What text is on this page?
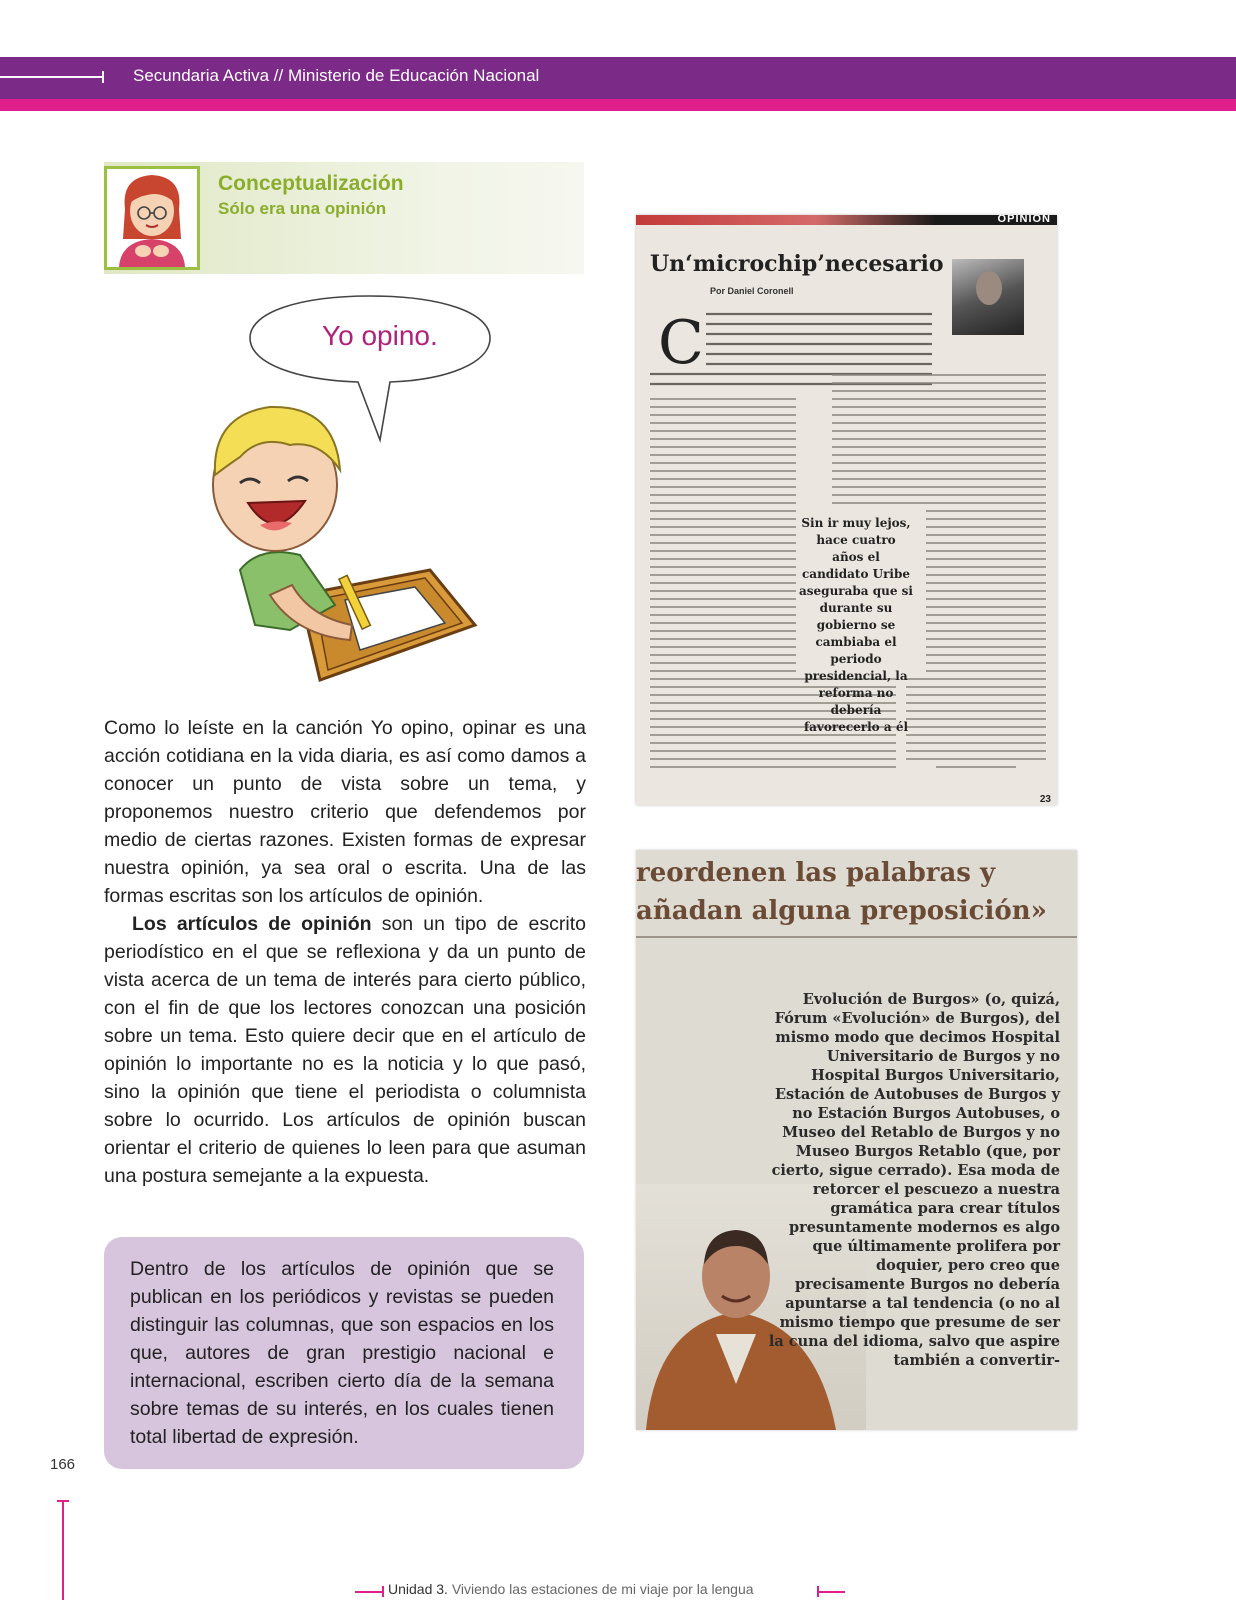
Secundaria Activa // Ministerio de Educación Nacional
Conceptualización
Sólo era una opinión
Yo opino.

Como lo leíste en la canción Yo opino, opinar es una acción cotidiana en la vida diaria, es así como damos a conocer un punto de vista sobre un tema, y proponemos nuestro criterio que defendemos por medio de ciertas razones. Existen formas de expresar nuestra opinión, ya sea oral o escrita. Una de las formas escritas son los artículos de opinión.

Los artículos de opinión son un tipo de escrito periodístico en el que se reflexiona y da un punto de vista acerca de un tema de interés para cierto público, con el fin de que los lectores conozcan una posición sobre un tema. Esto quiere decir que en el artículo de opinión lo importante no es la noticia y lo que pasó, sino la opinión que tiene el periodista o columnista sobre lo ocurrido. Los artículos de opinión buscan orientar el criterio de quienes lo leen para que asuman una postura semejante a la expuesta.

Dentro de los artículos de opinión que se publican en los periódicos y revistas se pueden distinguir las columnas, que son espacios en los que, autores de gran prestigio nacional e internacional, escriben cierto día de la semana sobre temas de su interés, en los cuales tienen total libertad de expresión.

166
OPINION
Un‘microchip’necesario
Por Daniel Coronell
C
Sin ir muy lejos, hace cuatro años el candidato Uribe aseguraba que si durante su gobierno se cambiaba el periodo presidencial, la reforma no debería favorecerlo a él
23
reordenen las palabras y
añadan alguna preposición»
Evolución de Burgos» (o, quizá, Fórum «Evolución» de Burgos), del mismo modo que decimos Hospital Universitario de Burgos y no Hospital Burgos Universitario, Estación de Autobuses de Burgos y no Estación Burgos Autobuses, o Museo del Retablo de Burgos y no Museo Burgos Retablo (que, por cierto, sigue cerrado). Esa moda de retorcer el pescuezo a nuestra gramática para crear títulos presuntamente modernos es algo que últimamente prolifera por doquier, pero creo que precisamente Burgos no debería apuntarse a tal tendencia (o no al mismo tiempo que presume de ser la cuna del idioma, salvo que aspire también a convertir-
Unidad 3. Viviendo las estaciones de mi viaje por la lengua
